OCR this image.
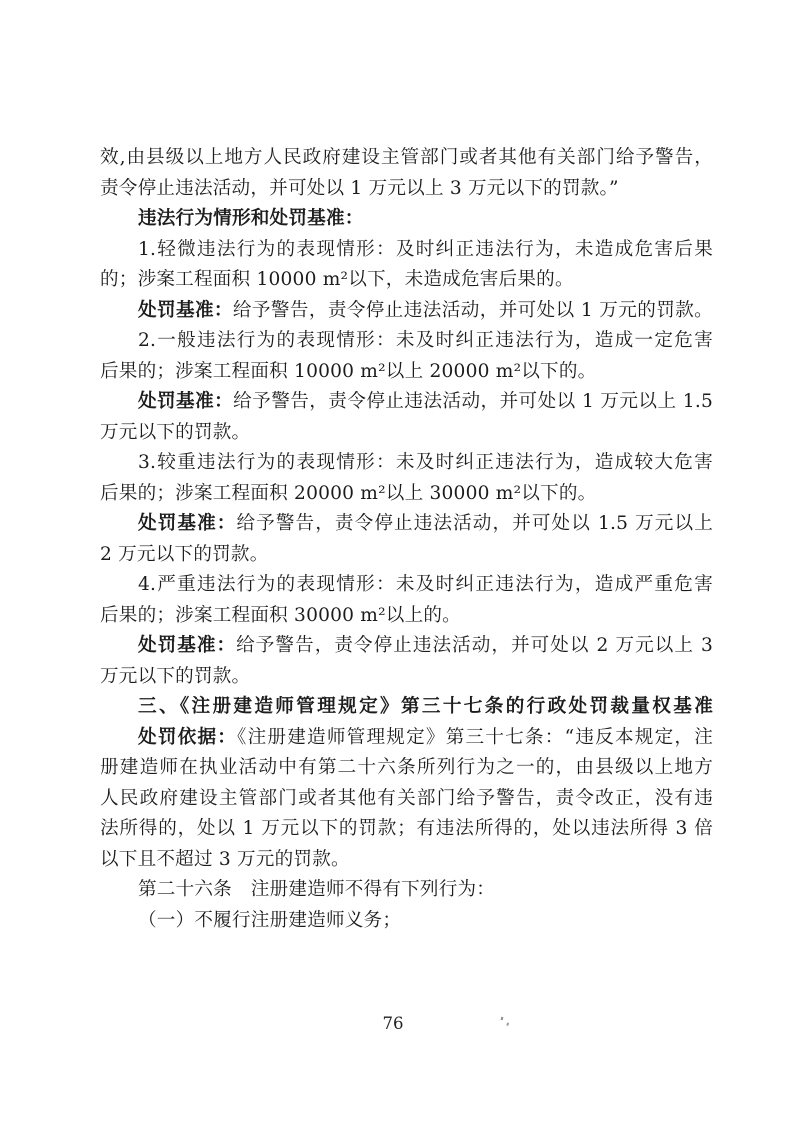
效,由县级以上地方人民政府建设主管部门或者其他有关部门给予警告，
责令停止违法活动，并可处以 1 万元以上 3 万元以下的罚款。”
违法行为情形和处罚基准：
1.轻微违法行为的表现情形：及时纠正违法行为，未造成危害后果
的；涉案工程面积 10000 m²以下，未造成危害后果的。
处罚基准：给予警告，责令停止违法活动，并可处以 1 万元的罚款。
2.一般违法行为的表现情形：未及时纠正违法行为，造成一定危害
后果的；涉案工程面积 10000 m²以上 20000 m²以下的。
处罚基准：给予警告，责令停止违法活动，并可处以 1 万元以上 1.5
万元以下的罚款。
3.较重违法行为的表现情形：未及时纠正违法行为，造成较大危害
后果的；涉案工程面积 20000 m²以上 30000 m²以下的。
处罚基准：给予警告，责令停止违法活动，并可处以 1.5 万元以上
2 万元以下的罚款。
4.严重违法行为的表现情形：未及时纠正违法行为，造成严重危害
后果的；涉案工程面积 30000 m²以上的。
处罚基准：给予警告，责令停止违法活动，并可处以 2 万元以上 3
万元以下的罚款。
三、《注册建造师管理规定》第三十七条的行政处罚裁量权基准
处罚依据：《注册建造师管理规定》第三十七条：“违反本规定，注
册建造师在执业活动中有第二十六条所列行为之一的，由县级以上地方
人民政府建设主管部门或者其他有关部门给予警告，责令改正，没有违
法所得的，处以 1 万元以下的罚款；有违法所得的，处以违法所得 3 倍
以下且不超过 3 万元的罚款。
第二十六条　注册建造师不得有下列行为：
（一）不履行注册建造师义务；
76
